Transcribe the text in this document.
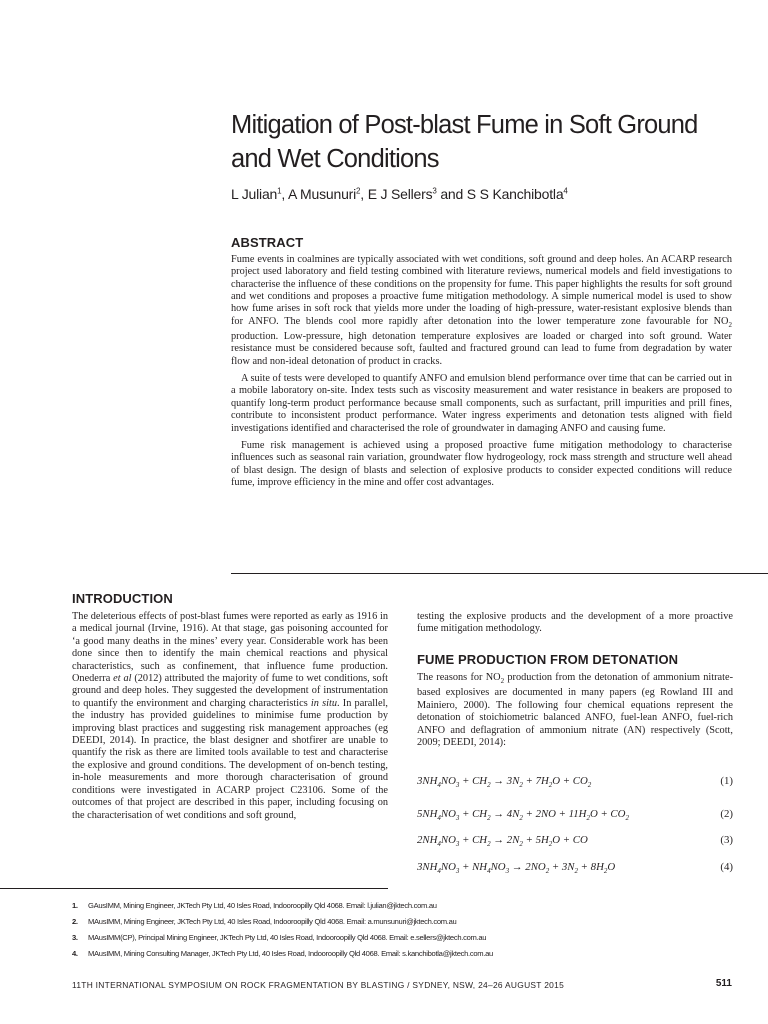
Mitigation of Post-blast Fume in Soft Ground and Wet Conditions
L Julian$^1$, A Musunuri$^2$, E J Sellers$^3$ and S S Kanchibotla$^4$
ABSTRACT

Fume events in coalmines are typically associated with wet conditions, soft ground and deep holes. An ACARP research project used laboratory and field testing combined with literature reviews, numerical models and field investigations to characterise the influence of these conditions on the propensity for fume. This paper highlights the results for soft ground and wet conditions and proposes a proactive fume mitigation methodology. A simple numerical model is used to show how fume arises in soft rock that yields more under the loading of high-pressure, water-resistant explosive blends than for ANFO. The blends cool more rapidly after detonation into the lower temperature zone favourable for $NO_2$ production. Low-pressure, high detonation temperature explosives are loaded or charged into soft ground. Water resistance must be considered because soft, faulted and fractured ground can lead to fume from degradation by water flow and non-ideal detonation of product in cracks.

A suite of tests were developed to quantify ANFO and emulsion blend performance over time that can be carried out in a mobile laboratory on-site. Index tests such as viscosity measurement and water resistance in beakers are proposed to quantify long-term product performance because small components, such as surfactant, prill impurities and prill fines, contribute to inconsistent product performance. Water ingress experiments and detonation tests aligned with field investigations identified and characterised the role of groundwater in damaging ANFO and causing fume.

Fume risk management is achieved using a proposed proactive fume mitigation methodology to characterise influences such as seasonal rain variation, groundwater flow hydrogeology, rock mass strength and structure well ahead of blast design. The design of blasts and selection of explosive products to consider expected conditions will reduce fume, improve efficiency in the mine and offer cost advantages.

INTRODUCTION

The deleterious effects of post-blast fumes were reported as early as 1916 in a medical journal (Irvine, 1916). At that stage, gas poisoning accounted for ‘a good many deaths in the mines’ every year. Considerable work has been done since then to identify the main chemical reactions and physical characteristics, such as confinement, that influence fume production. Onederra et al (2012) attributed the majority of fume to wet conditions, soft ground and deep holes. They suggested the development of instrumentation to quantify the environment and charging characteristics in situ. In parallel, the industry has provided guidelines to minimise fume production by improving blast practices and suggesting risk management approaches (eg DEEDI, 2014). In practice, the blast designer and shotfirer are unable to quantify the risk as there are limited tools available to test and characterise the explosive and ground conditions. The development of on-bench testing, in-hole measurements and more thorough characterisation of ground conditions were investigated in ACARP project C23106. Some of the outcomes of that project are described in this paper, including focusing on the characterisation of wet conditions and soft ground,

testing the explosive products and the development of a more proactive fume mitigation methodology.
FUME PRODUCTION FROM DETONATION

The reasons for $NO_2$ production from the detonation of ammonium nitrate-based explosives are documented in many papers (eg Rowland III and Mainiero, 2000). The following four chemical equations represent the detonation of stoichiometric balanced ANFO, fuel-lean ANFO, fuel-rich ANFO and deflagration of ammonium nitrate (AN) respectively (Scott, 2009; DEEDI, 2014):

$3NH_4NO_3 + CH_2 \to 3N_2 + 7H_2O + CO_2$	(1)
$5NH_4NO_3 + CH_2 \to 4N_2 + 2NO + 11H_2O + CO_2$	(2)
$2NH_4NO_3 + CH_2 \to 2N_2 + 5H_2O$ + CO	(3)
$3NH_4NO_3 + NH_4NO_3 \to 2NO_2 + 3N_2 + 8H_2O$	(4)
1. GAusIMM, Mining Engineer, JKTech Pty Ltd, 40 Isles Road, Indooroopilly Qld 4068. Email: l.julian@jktech.com.au
2. MAusIMM, Mining Engineer, JKTech Pty Ltd, 40 Isles Road, Indooroopilly Qld 4068. Email: a.munsunuri@jktech.com.au
3. MAusIMM(CP), Principal Mining Engineer, JKTech Pty Ltd, 40 Isles Road, Indooroopilly Qld 4068. Email: e.sellers@jktech.com.au
4. MAusIMM, Mining Consulting Manager, JKTech Pty Ltd, 40 Isles Road, Indooroopilly Qld 4068. Email: s.kanchibotla@jktech.com.au
11TH INTERNATIONAL SYMPOSIUM ON ROCK FRAGMENTATION BY BLASTING / SYDNEY, NSW, 24–26 AUGUST 2015	511
